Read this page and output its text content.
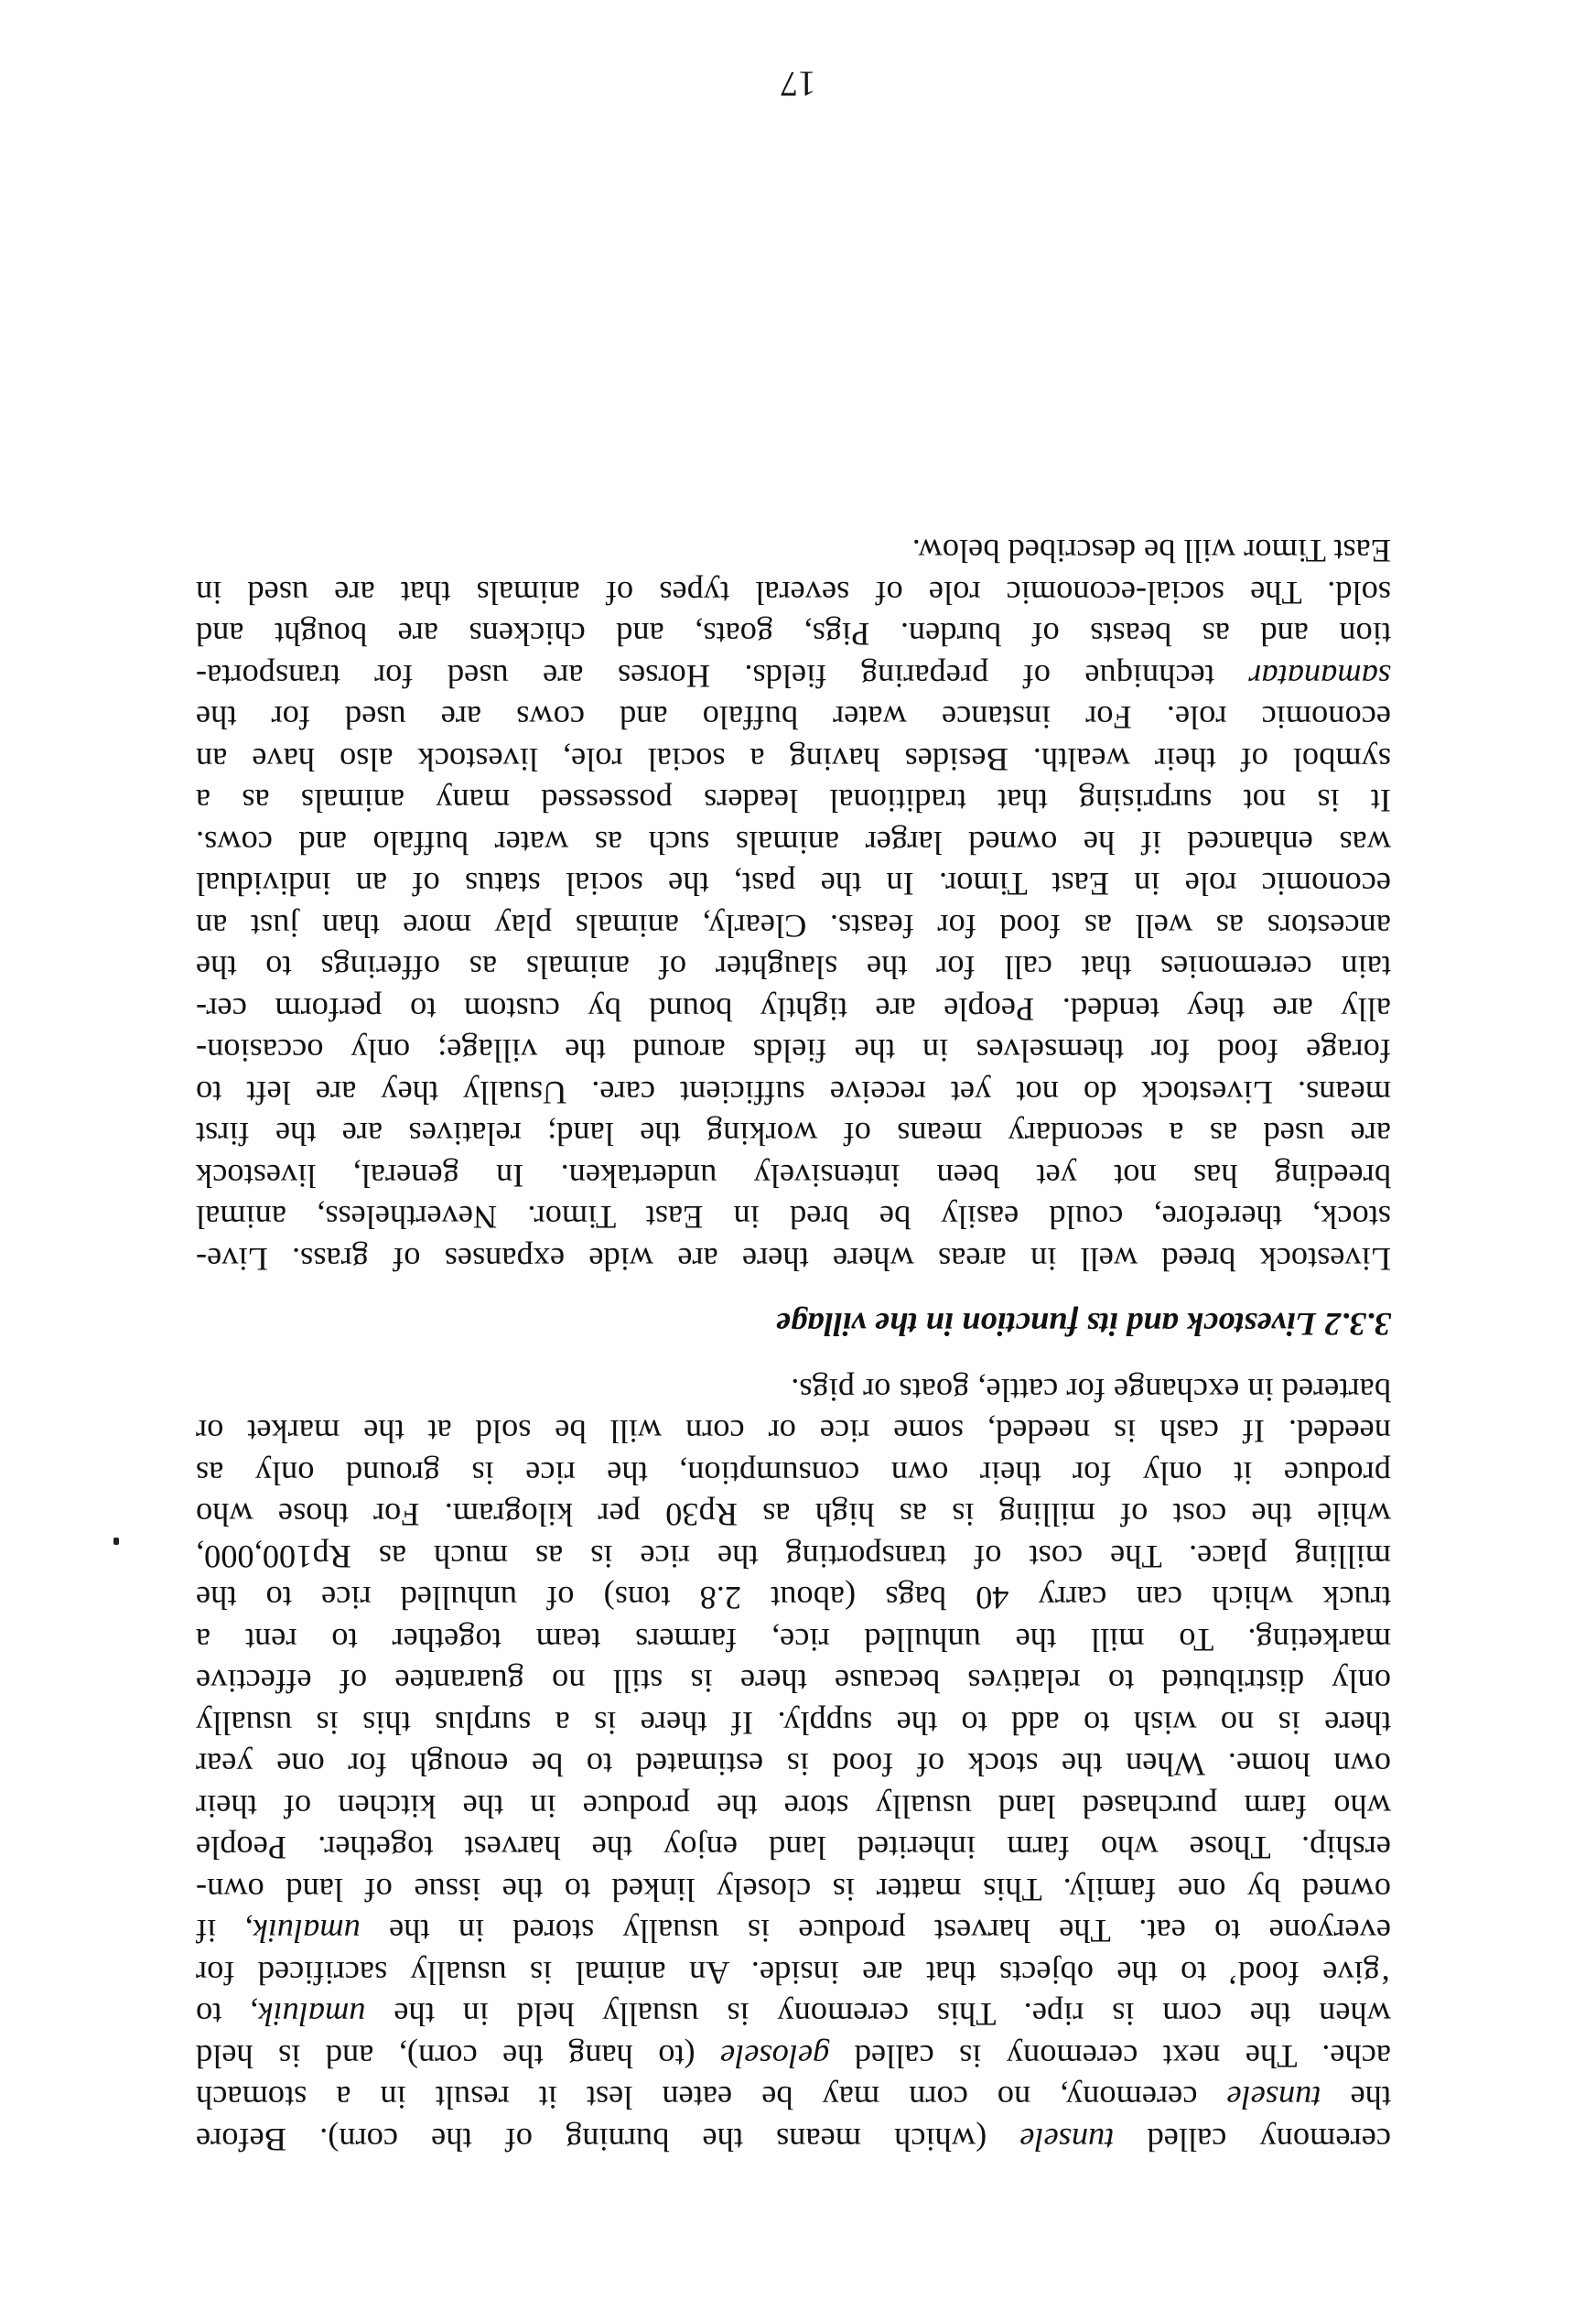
ceremony called tunsele (which means the burning of the corn). Before
the tunsele ceremony, no corn may be eaten lest it result in a stomach
ache. The next ceremony is called gelosele (to hang the corn), and is held
when the corn is ripe. This ceremony is usually held in the umaluik, to
‘give food’ to the objects that are inside. An animal is usually sacrificed for
everyone to eat. The harvest produce is usually stored in the umaluik, if
owned by one family. This matter is closely linked to the issue of land own-
ership. Those who farm inherited land enjoy the harvest together. People
who farm purchased land usually store the produce in the kitchen of their
own home. When the stock of food is estimated to be enough for one year
there is no wish to add to the supply. If there is a surplus this is usually
only distributed to relatives because there is still no guarantee of effective
marketing. To mill the unhulled rice, farmers team together to rent a
truck which can carry 40 bags (about 2.8 tons) of unhulled rice to the
milling place. The cost of transporting the rice is as much as Rp100,000,
while the cost of milling is as high as Rp30 per kilogram. For those who
produce it only for their own consumption, the rice is ground only as
needed. If cash is needed, some rice or corn will be sold at the market or
bartered in exchange for cattle, goats or pigs.
3.3.2 Livestock and its function in the village
Livestock breed well in areas where there are wide expanses of grass. Live-
stock, therefore, could easily be bred in East Timor. Nevertheless, animal
breeding has not yet been intensively undertaken. In general, livestock
are used as a secondary means of working the land; relatives are the first
means. Livestock do not yet receive sufficient care. Usually they are left to
forage food for themselves in the fields around the village; only occasion-
ally are they tended. People are tightly bound by custom to perform cer-
tain ceremonies that call for the slaughter of animals as offerings to the
ancestors as well as food for feasts. Clearly, animals play more than just an
economic role in East Timor. In the past, the social status of an individual
was enhanced if he owned larger animals such as water buffalo and cows.
It is not surprising that traditional leaders possessed many animals as a
symbol of their wealth. Besides having a social role, livestock also have an
economic role. For instance water buffalo and cows are used for the
samanatar technique of preparing fields. Horses are used for transporta-
tion and as beasts of burden. Pigs, goats, and chickens are bought and
sold. The social-economic role of several types of animals that are used in
East Timor will be described below.
17
